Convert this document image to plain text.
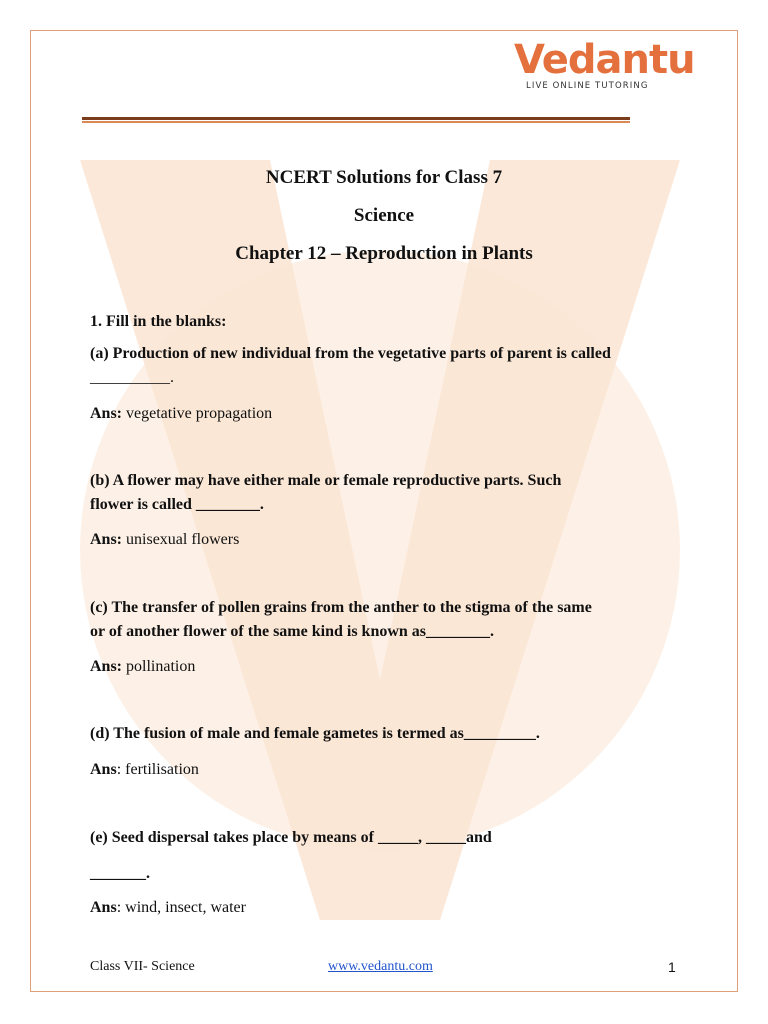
Vedantu
LIVE ONLINE TUTORING
NCERT Solutions for Class 7
Science
Chapter 12 – Reproduction in Plants
1. Fill in the blanks:
(a) Production of new individual from the vegetative parts of parent is called
__________.
Ans: vegetative propagation
(b) A flower may have either male or female reproductive parts. Such
flower is called ________.
Ans: unisexual flowers
(c) The transfer of pollen grains from the anther to the stigma of the same
or of another flower of the same kind is known as________.
Ans: pollination
(d) The fusion of male and female gametes is termed as_________.
Ans: fertilisation
(e) Seed dispersal takes place by means of _____, _____and
_______.
Ans: wind, insect, water
Class VII- Science	www.vedantu.com	1
